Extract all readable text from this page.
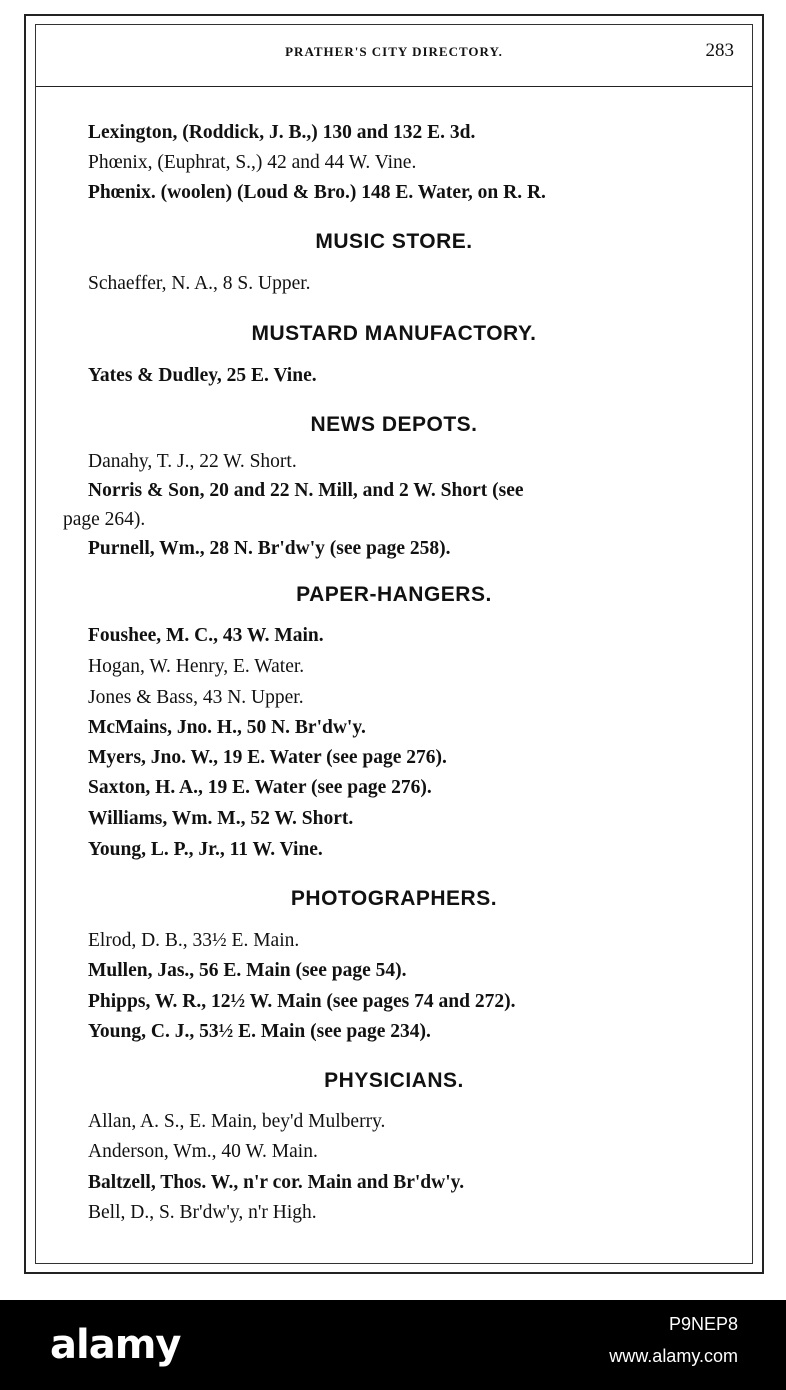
PRATHER'S CITY DIRECTORY.	283
Lexington, (Roddick, J. B.,) 130 and 132 E. 3d.
Phœnix, (Euphrat, S.,) 42 and 44 W. Vine.
Phœnix. (woolen) (Loud & Bro.) 148 E. Water, on R. R.
MUSIC STORE.
Schaeffer, N. A., 8 S. Upper.
MUSTARD MANUFACTORY.
Yates & Dudley, 25 E. Vine.
NEWS DEPOTS.
Danahy, T. J., 22 W. Short.
Norris & Son, 20 and 22 N. Mill, and 2 W. Short (see
page 264).
Purnell, Wm., 28 N. Br'dw'y (see page 258).
PAPER-HANGERS.
Foushee, M. C., 43 W. Main.
Hogan, W. Henry, E. Water.
Jones & Bass, 43 N. Upper.
McMains, Jno. H., 50 N. Br'dw'y.
Myers, Jno. W., 19 E. Water (see page 276).
Saxton, H. A., 19 E. Water (see page 276).
Williams, Wm. M., 52 W. Short.
Young, L. P., Jr., 11 W. Vine.
PHOTOGRAPHERS.
Elrod, D. B., 33½ E. Main.
Mullen, Jas., 56 E. Main (see page 54).
Phipps, W. R., 12½ W. Main (see pages 74 and 272).
Young, C. J., 53½ E. Main (see page 234).
PHYSICIANS.
Allan, A. S., E. Main, bey'd Mulberry.
Anderson, Wm., 40 W. Main.
Baltzell, Thos. W., n'r cor. Main and Br'dw'y.
Bell, D., S. Br'dw'y, n'r High.
alamy	P9NEP8
www.alamy.com
